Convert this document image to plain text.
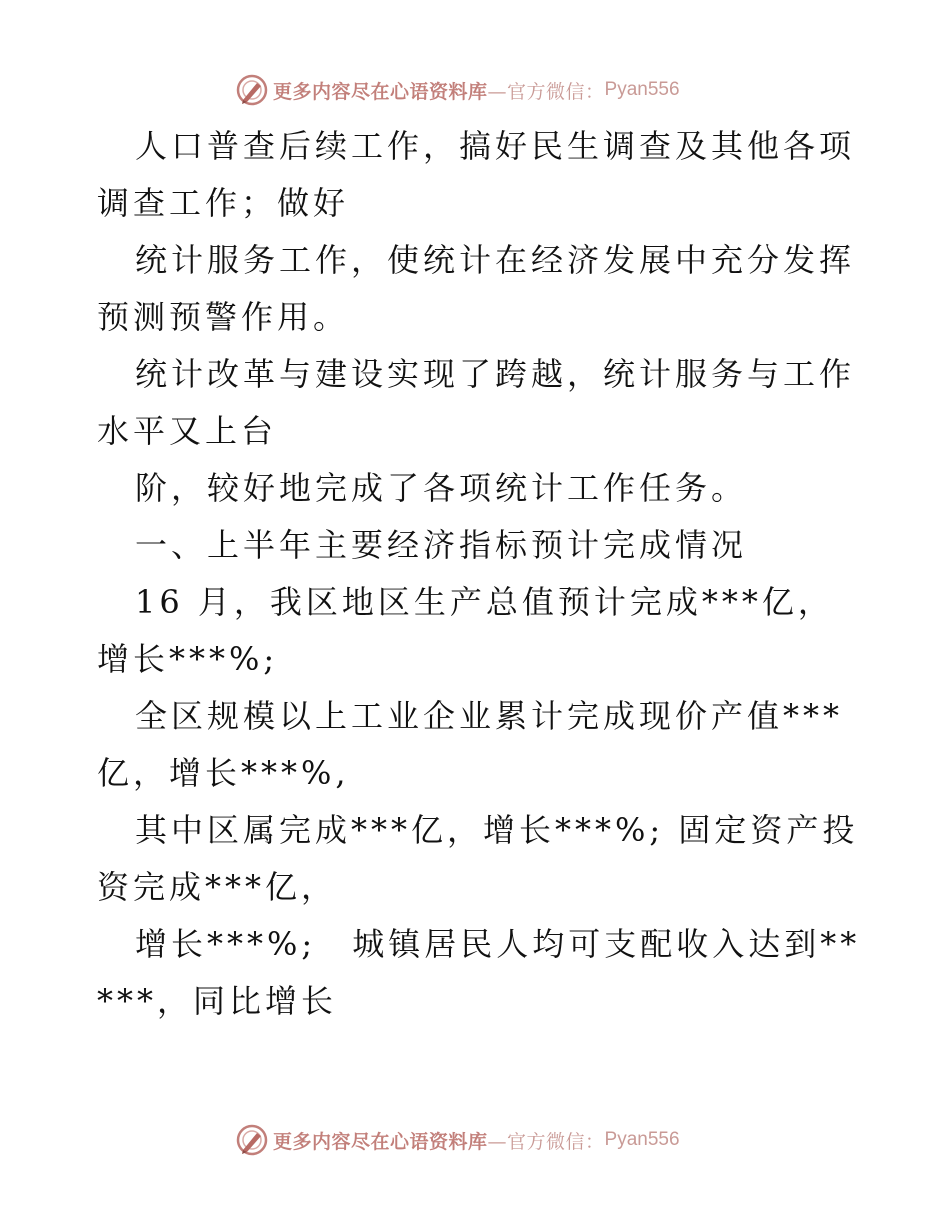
更多内容尽在心语资料库—官方微信： Pyan556

人口普查后续工作，搞好民生调查及其他各项调查工作；做好

统计服务工作，使统计在经济发展中充分发挥预测预警作用。

统计改革与建设实现了跨越，统计服务与工作水平又上台

阶，较好地完成了各项统计工作任务。

一、上半年主要经济指标预计完成情况

16 月，我区地区生产总值预计完成***亿，增长***%;

全区规模以上工业企业累计完成现价产值***亿，增长***%,

其中区属完成***亿，增长***%; 固定资产投资完成***亿，

增长***%;　城镇居民人均可支配收入达到*****，同比增长

更多内容尽在心语资料库—官方微信： Pyan556
